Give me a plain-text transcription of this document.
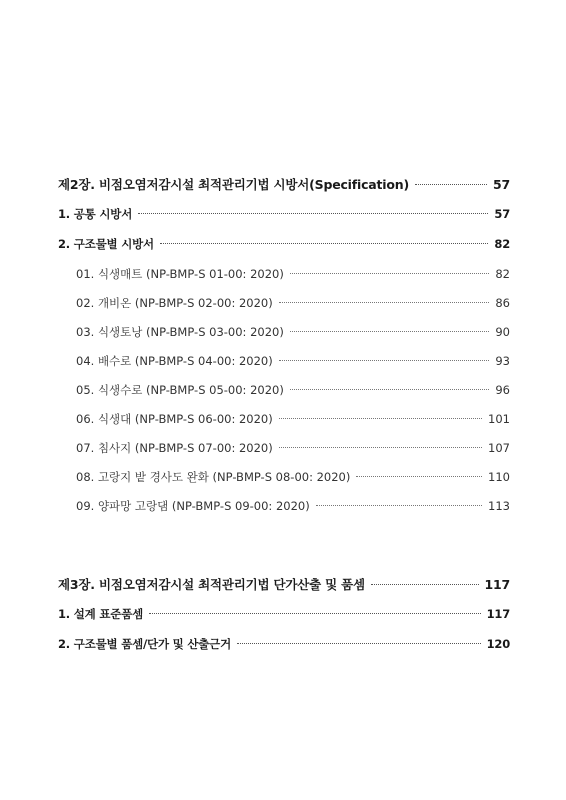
제2장. 비점오염저감시설 최적관리기법 시방서(Specification)	57
1. 공통 시방서	57
2. 구조물별 시방서	82
01. 식생매트 (NP-BMP-S 01-00: 2020)	82
02. 개비온 (NP-BMP-S 02-00: 2020)	86
03. 식생토낭 (NP-BMP-S 03-00: 2020)	90
04. 배수로 (NP-BMP-S 04-00: 2020)	93
05. 식생수로 (NP-BMP-S 05-00: 2020)	96
06. 식생대 (NP-BMP-S 06-00: 2020)	101
07. 침사지 (NP-BMP-S 07-00: 2020)	107
08. 고랑지 밭 경사도 완화 (NP-BMP-S 08-00: 2020)	110
09. 양파망 고랑댐 (NP-BMP-S 09-00: 2020)	113
제3장. 비점오염저감시설 최적관리기법 단가산출 및 품셈	117
1. 설계 표준품셈	117
2. 구조물별 품셈/단가 및 산출근거	120
